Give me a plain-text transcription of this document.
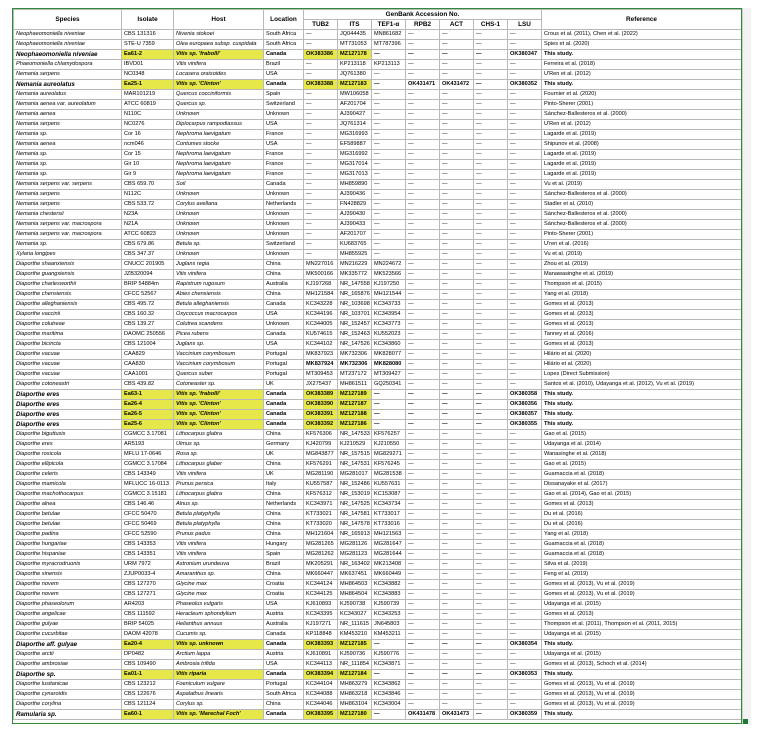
Species	Isolate	Host	Location	GenBank Accession No.							Reference
				TUB2	ITS	TEF1-α	RPB2	ACT	CHS-1	LSU	
Neophaeomoniella niveniae	CBS 131316	Nivenia stokoei	South Africa	—	JQ044435	MN861682	—	—	—	—	Crous et al. (2011), Chen et al. (2022)
Neophaeomoniella niveniae	STE-U 7359	Olea europaea subsp. cuspidata	South Africa	—	MT731053	MT787396	—	—	—	—	Spies et al. (2020)
Neophaeomoniella niveniae	Ea61-2	Vitis sp. 'frabolli'	Canada	OK383386	MZ127178	—	—	—	—	OK380347	This study.
Phaeomoniella chlamydospora	IBVD01	Vitis vinifera	Brazil	—	KP213118	KP213113	—	—	—	—	Ferreira et al. (2018)
Nemania serpens	NC0348	Locasera oraisoides	USA	—	JQ761380	—	—	—	—	—	U'Ren et al. (2012)
Nemania aureolatus	Ea25-1	Vitis sp. 'Clinton'	Canada	OK383388	MZ127183	—	OK431471	OK431472	—	OK380352	This study.
Nemania aureolatus	MAR101219	Quercus cocciniformis	Spain	—	MW106058	—	—	—	—	—	Fournier et al. (2020)
Nemania aenea var. aureolatum	ATCC 60819	Quercus sp.	Switzerland	—	AF201704	—	—	—	—	—	Pinto-Sherer (2001)
Nemania aenea	N110C	Unknown	Unknown	—	AJ390427	—	—	—	—	—	Sánchez-Ballesteros et al. (2000)
Nemania serpens	NC0276	Diplocarpus rampodiassus	USA	—	JQ761314	—	—	—	—	—	U'Ren et al. (2012)
Nemania sp.	Cor 16	Nephroma laevigatum	France	—	MG316993	—	—	—	—	—	Lagarde et al. (2019)
Nemania aenea	ncm046	Contumes stocke	USA	—	EF589887	—	—	—	—	—	Shipunov et al. (2008)
Nemania sp.	Cor 15	Nephroma laevigatum	France	—	MG316992	—	—	—	—	—	Lagarde et al. (2019)
Nemania sp.	Gir 10	Nephroma laevigatum	France	—	MG317014	—	—	—	—	—	Lagarde et al. (2019)
Nemania sp.	Gir 9	Nephroma laevigatum	France	—	MG317013	—	—	—	—	—	Lagarde et al. (2019)
Nemania serpens var. serpens	CBS 659.70	Soil	Canada	—	MH859890	—	—	—	—	—	Vu et al. (2019)
Nemania serpens	N112C	Unknown	Unknown	—	AJ390436	—	—	—	—	—	Sánchez-Ballesteros et al. (2000)
Nemania serpens	CBS 533.72	Corylus avellana	Netherlands	—	FN428829	—	—	—	—	—	Stadler et al. (2010)
Nemania chestersii	N23A	Unknown	Unknown	—	AJ390430	—	—	—	—	—	Sánchez-Ballesteros et al. (2000)
Nemania serpens var. macrospora	N21A	Unknown	Unknown	—	AJ390433	—	—	—	—	—	Sánchez-Ballesteros et al. (2000)
Nemania serpens var. macrospora	ATCC 60823	Unknown	Unknown	—	AF201707	—	—	—	—	—	Pinto-Sherer (2001)
Nemania sp.	CBS 679.86	Betula sp.	Switzerland	—	KU683765	—	—	—	—	—	U'ren et al. (2016)
Xylaria longipes	CBS 347.37	Unknown	Unknown	—	MH855925	—	—	—	—	—	Vu et al. (2019)
Diaporthe shaanxiensis	CNUCC 201905	Juglans regia	China	MN227016	MN216229	MN224672	—	—	—	—	Zhou et al. (2019)
Diaporthe guangxiensis	JZB320094	Vitis vinifera	China	MK500166	MK335772	MK523566	—	—	—	—	Manawasinghe et al. (2019)
Diaporthe charlesworthii	BRIP 54884m	Rapistrum rugosum	Australia	KJ197268	NR_147558	KJ197250	—	—	—	—	Thompson et al. (2015)
Diaporthe chensiensis	CFCC 52567	Abies chensiensis	China	MH121584	NR_165876	MH121544	—	—	—	—	Yang et al. (2018)
Diaporthe alleghaniensis	CBS 495.72	Betula alleghaniensis	Canada	KC343228	NR_103698	KC343733	—	—	—	—	Gomes et al. (2013)
Diaporthe vaccinii	CBS 160.32	Oxycoccus macrocarpos	USA	KC344196	NR_103701	KC343954	—	—	—	—	Gomes et al. (2013)
Diaporthe colutreae	CBS 139.27	Colutrea scandens	Unknown	KC344005	NR_152457	KC343773	—	—	—	—	Gomes et al. (2013)
Diaporthe maritima	DAOMC 250556	Picea rubens	Canada	KU574615	NR_152463	KU552023	—	—	—	—	Tanney et al. (2016)
Diaporthe bicincta	CBS 121004	Juglans sp.	USA	KC344102	NR_147526	KC343860	—	—	—	—	Gomes et al. (2013)
Diaporthe vacuae	CAA829	Vaccinium corymbosum	Portugal	MK837923	MK732306	MK828077	—	—	—	—	Hilário et al. (2020)
Diaporthe vacuae	CAA830	Vaccinium corymbosum	Portugal	MK837924	MK732306	MK828080	—	—	—	—	Hilário et al. (2020)
Diaporthe vacuae	CAA1001	Quercus suber	Portugal	MT309453	MT237172	MT309427	—	—	—	—	Lopes (Direct Submission)
Diaporthe cotoneastri	CBS 439.82	Cotoneaster sp.	UK	JX275437	MH861511	GQ250341	—	—	—	—	Santos et al. (2010), Udayanga et al. (2012), Vu et al. (2019)
Diaporthe eres	Ea63-1	Vitis sp. 'frabolli'	Canada	OK383389	MZ127189	—	—	—	—	OK380358	This study.
Diaporthe eres	Ea26-4	Vitis sp. 'Clinton'	Canada	OK383390	MZ127187	—	—	—	—	OK380356	This study.
Diaporthe eres	Ea26-5	Vitis sp. 'Clinton'	Canada	OK383391	MZ127188	—	—	—	—	OK380357	This study.
Diaporthe eres	Ea25-6	Vitis sp. 'Clinton'	Canada	OK383392	MZ127186	—	—	—	—	OK380355	This study.
Diaporthe biguttusis	CGMCC 3.17081	Lithocarpus glabra	China	KF576306	NR_147533	KF576257	—	—	—	—	Gao et al. (2015)
Diaporthe eres	AR5193	Ulmus sp.	Germany	KJ420799	KJ210529	KJ210550	—	—	—	—	Udayanga et al. (2014)
Diaporthe rosicola	MFLU 17-0646	Rosa sp.	UK	MG843877	NR_157515	MG829271	—	—	—	—	Wanasinghe et al. (2018)
Diaporthe ellipicola	CGMCC 3.17084	Lithocarpus glaber	China	KF576291	NR_147531	KF576245	—	—	—	—	Gao et al. (2015)
Diaporthe celeris	CBS 143349	Vitis vinifera	UK	MG281190	MG281017	MG281538	—	—	—	—	Guarnaccia et al. (2018)
Diaporthe mamicola	MFLUCC 16-0113	Prunus persica	Italy	KU557587	NR_152486	KU557631	—	—	—	—	Dissanayake et al. (2017)
Diaporthe machothocarpus	CGMCC 3.15181	Lithocarpus glabra	China	KF576312	NR_153019	KC153087	—	—	—	—	Gao et al. (2014), Gao et al. (2015)
Diaporthe alnea	CBS 146.46	Alnus sp.	Netherlands	KC343971	NR_147525	KC343734	—	—	—	—	Gomes et al. (2013)
Diaporthe betulae	CFCC 50470	Betula platyphylla	China	KT733021	NR_147581	KT733017	—	—	—	—	Du et al. (2016)
Diaporthe betulae	CFCC 50469	Betula platyphylla	China	KT733020	NR_147578	KT733016	—	—	—	—	Du et al. (2016)
Diaporthe padina	CFCC 52590	Prunus padus	China	MH121604	NR_165913	MH121563	—	—	—	—	Yang et al. (2018)
Diaporthe hungariae	CBS 143353	Vitis vinifera	Hungary	MG281265	MG281126	MG281647	—	—	—	—	Guarnaccia et al. (2018)
Diaporthe hispaniae	CBS 143351	Vitis vinifera	Spain	MG281262	MG281123	MG281644	—	—	—	—	Guarnaccia et al. (2018)
Diaporthe myracrodruonis	URM 7972	Astronium urundeuva	Brazil	MK205291	NR_163402	MK213408	—	—	—	—	Silva et al. (2019)
Diaporthe sinensis	ZJUP0033-4	Amaranthus sp.	China	MK660447	MK637451	MK660449	—	—	—	—	Feng et al. (2019)
Diaporthe novem	CBS 127270	Glycine max	Croatia	KC344124	MH864503	KC343882	—	—	—	—	Gomes et al. (2013), Vu et al. (2019)
Diaporthe novem	CBS 127271	Glycine max	Croatia	KC344125	MH864504	KC343883	—	—	—	—	Gomes et al. (2013), Vu et al. (2019)
Diaporthe phaseolorum	AR4203	Phaseolus vulgaris	USA	KJ610893	KJ590738	KJ590739	—	—	—	—	Udayanga et al. (2015)
Diaporthe angelicae	CBS 111592	Heracleum sphondylium	Austria	KC343395	KC343027	KC343253	—	—	—	—	Gomes et al. (2013)
Diaporthe gulyae	BRIP 54025	Helianthus annuus	Australia	KJ197271	NR_111615	JN645803	—	—	—	—	Thompson et al. (2011), Thompson et al. (2011, 2015)
Diaporthe cucurbitae	DAOM 42078	Cucumis sp.	Canada	KP118848	KM453210	KM453211	—	—	—	—	Udayanga et al. (2015)
Diaporthe aff. gulyae	Ea20-4	Vitis sp. unknown	Canada	OK383393	MZ127185	—	—	—	—	OK380354	This study.
Diaporthe arctii	DP0482	Arctium lappa	Austria	KJ610891	KJ590736	KJ590776	—	—	—	—	Udayanga et al. (2015)
Diaporthe ambrosiae	CBS 109490	Ambrosia trifida	USA	KC344113	NR_111854	KC343871	—	—	—	—	Gomes et al. (2013), Schoch et al. (2014)
Diaporthe sp.	Ea01-1	Vitis riparia	Canada	OK383394	MZ127184	—	—	—	—	OK380353	This study.
Diaporthe lusitanicae	CBS 123212	Foeniculum vulgare	Portugal	KC344104	MH863279	KC343862	—	—	—	—	Gomes et al. (2013), Vu et al. (2019)
Diaporthe cynaroidis	CBS 122676	Aspalathus linearis	South Africa	KC344088	MH863218	KC343846	—	—	—	—	Gomes et al. (2013), Vu et al. (2019)
Diaporthe corylina	CBS 121124	Corylus sp.	China	KC344046	MH863104	KC343004	—	—	—	—	Gomes et al. (2013), Vu et al. (2019)
Ramularia sp.	Ea60-1	Vitis sp. 'Marechal Foch'	Canada	OK383395	MZ127180	—	OK431478	OK431473	—	OK380359	This study.
